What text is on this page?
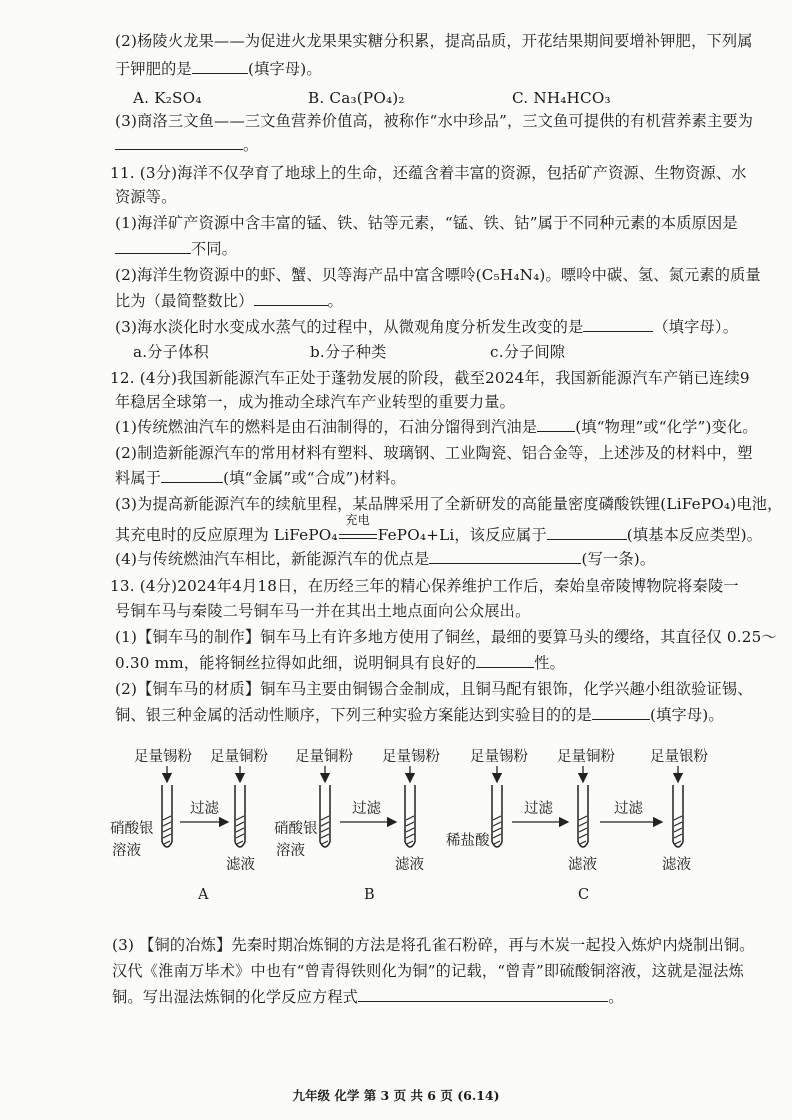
(2)杨陵火龙果——为促进火龙果果实糖分积累，提高品质，开花结果期间要增补钾肥，下列属
于钾肥的是	(填字母)。
A. K₂SO₄	B. Ca₃(PO₄)₂	C. NH₄HCO₃
(3)商洛三文鱼——三文鱼营养价值高，被称作“水中珍品”，三文鱼可提供的有机营养素主要为
。
11. (3分)海洋不仅孕育了地球上的生命，还蕴含着丰富的资源，包括矿产资源、生物资源、水
资源等。
(1)海洋矿产资源中含丰富的锰、铁、钴等元素，“锰、铁、钴”属于不同种元素的本质原因是
不同。
(2)海洋生物资源中的虾、蟹、贝等海产品中富含嘌呤(C₅H₄N₄)。嘌呤中碳、氢、氮元素的质量
比为（最简整数比）	。
(3)海水淡化时水变成水蒸气的过程中，从微观角度分析发生改变的是	（填字母）。
a.分子体积	b.分子种类	c.分子间隙
12. (4分)我国新能源汽车正处于蓬勃发展的阶段，截至2024年，我国新能源汽车产销已连续9
年稳居全球第一，成为推动全球汽车产业转型的重要力量。
(1)传统燃油汽车的燃料是由石油制得的，石油分馏得到汽油是	(填“物理”或“化学”)变化。
(2)制造新能源汽车的常用材料有塑料、玻璃钢、工业陶瓷、铝合金等，上述涉及的材料中，塑
料属于	(填“金属”或“合成”)材料。
(3)为提高新能源汽车的续航里程，某品牌采用了全新研发的高能量密度磷酸铁锂(LiFePO₄)电池，
其充电时的反应原理为 LiFePO₄
充电
FePO₄+Li，该反应属于	(填基本反应类型)。
(4)与传统燃油汽车相比，新能源汽车的优点是	(写一条)。
13. (4分)2024年4月18日，在历经三年的精心保养维护工作后，秦始皇帝陵博物院将秦陵一
号铜车马与秦陵二号铜车马一并在其出土地点面向公众展出。
(1)【铜车马的制作】铜车马上有许多地方使用了铜丝，最细的要算马头的缨络，其直径仅 0.25～
0.30 mm，能将铜丝拉得如此细，说明铜具有良好的	性。
(2)【铜车马的材质】铜车马主要由铜锡合金制成，且铜马配有银饰，化学兴趣小组欲验证锡、
铜、银三种金属的活动性顺序，下列三种实验方案能达到实验目的的是	(填字母)。
足量锡粉 足量铜粉
硝酸银
溶液
过滤
滤液
A
足量铜粉 足量锡粉
硝酸银
溶液
过滤
滤液
B
足量锡粉 足量铜粉 足量银粉
稀盐酸
过滤	过滤
滤液	滤液
C
(3) 【铜的冶炼】先秦时期冶炼铜的方法是将孔雀石粉碎，再与木炭一起投入炼炉内烧制出铜。
汉代《淮南万毕术》中也有“曾青得铁则化为铜”的记载，“曾青”即硫酸铜溶液，这就是湿法炼
铜。写出湿法炼铜的化学反应方程式	。
九年级 化学 第 3 页 共 6 页 (6.14)
